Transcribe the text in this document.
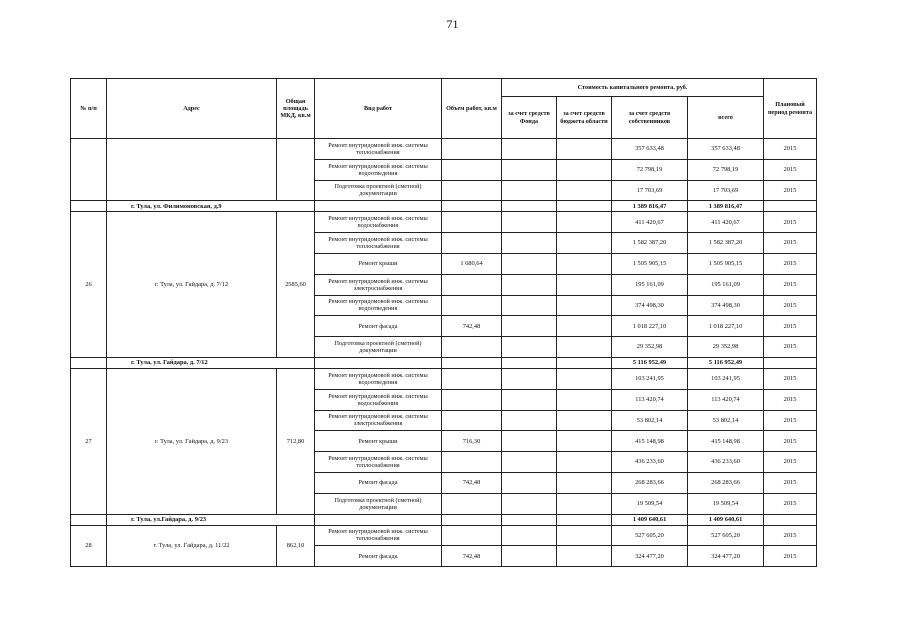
71
№ п/п	Адрес	Общая площадь МКД, кв.м	Вид работ	Объем работ, кв.м	Стоимость капитального ремонта, руб.				Плановый период ремонта
					за счет средств Фонда	за счет средств бюджета области	за счет средств собственников	всего	
			Ремонт внутридомовой инж. системы теплоснабжения				357 633,48	357 633,48	2015
			Ремонт внутридомовой инж. системы водоотведения				72 798,19	72 798,19	2015
			Подготовка проектной (сметной) документации				17 703,69	17 703,69	2015
	г. Тула, ул. Филимоновская, д.9						1 389 816,47	1 389 816,47	
26	г. Тула, ул. Гайдара, д. 7/12	2585,60	Ремонт внутридомовой инж. системы водоснабжения				411 420,67	411 420,67	2015
			Ремонт внутридомовой инж. системы теплоснабжения				1 582 387,20	1 582 387,20	2015
			Ремонт крыши	1 680,64			1 505 905,15	1 505 905,15	2015
			Ремонт внутридомовой инж. системы электроснабжения				195 161,09	195 161,09	2015
			Ремонт внутридомовой инж. системы водоотведения				374 498,30	374 498,30	2015
			Ремонт фасада	742,48			1 018 227,10	1 018 227,10	2015
			Подготовка проектной (сметной) документации				29 352,98	29 352,98	2015
	г. Тула, ул. Гайдара, д. 7/12						5 116 952,49	5 116 952,49	
27	г. Тула, ул. Гайдара, д. 9/23	712,80	Ремонт внутридомовой инж. системы водоотведения				103 241,95	103 241,95	2015
			Ремонт внутридомовой инж. системы водоснабжения				113 420,74	113 420,74	2015
			Ремонт внутридомовой инж. системы электроснабжения				53 802,14	53 802,14	2015
			Ремонт крыши	716,30			415 148,98	415 148,98	2015
			Ремонт внутридомовой инж. системы теплоснабжения				436 233,60	436 233,60	2015
			Ремонт фасада	742,48			268 283,66	268 283,66	2015
			Подготовка проектной (сметной) документации				19 509,54	19 509,54	2015
	г. Тула, ул.Гайдара, д. 9/23						1 409 640,61	1 409 640,61	
28	г. Тула, ул. Гайдара, д. 11/22	862,10	Ремонт внутридомовой инж. системы теплоснабжения				527 605,20	527 605,20	2015
			Ремонт фасада	742,48			324 477,20	324 477,20	2015
